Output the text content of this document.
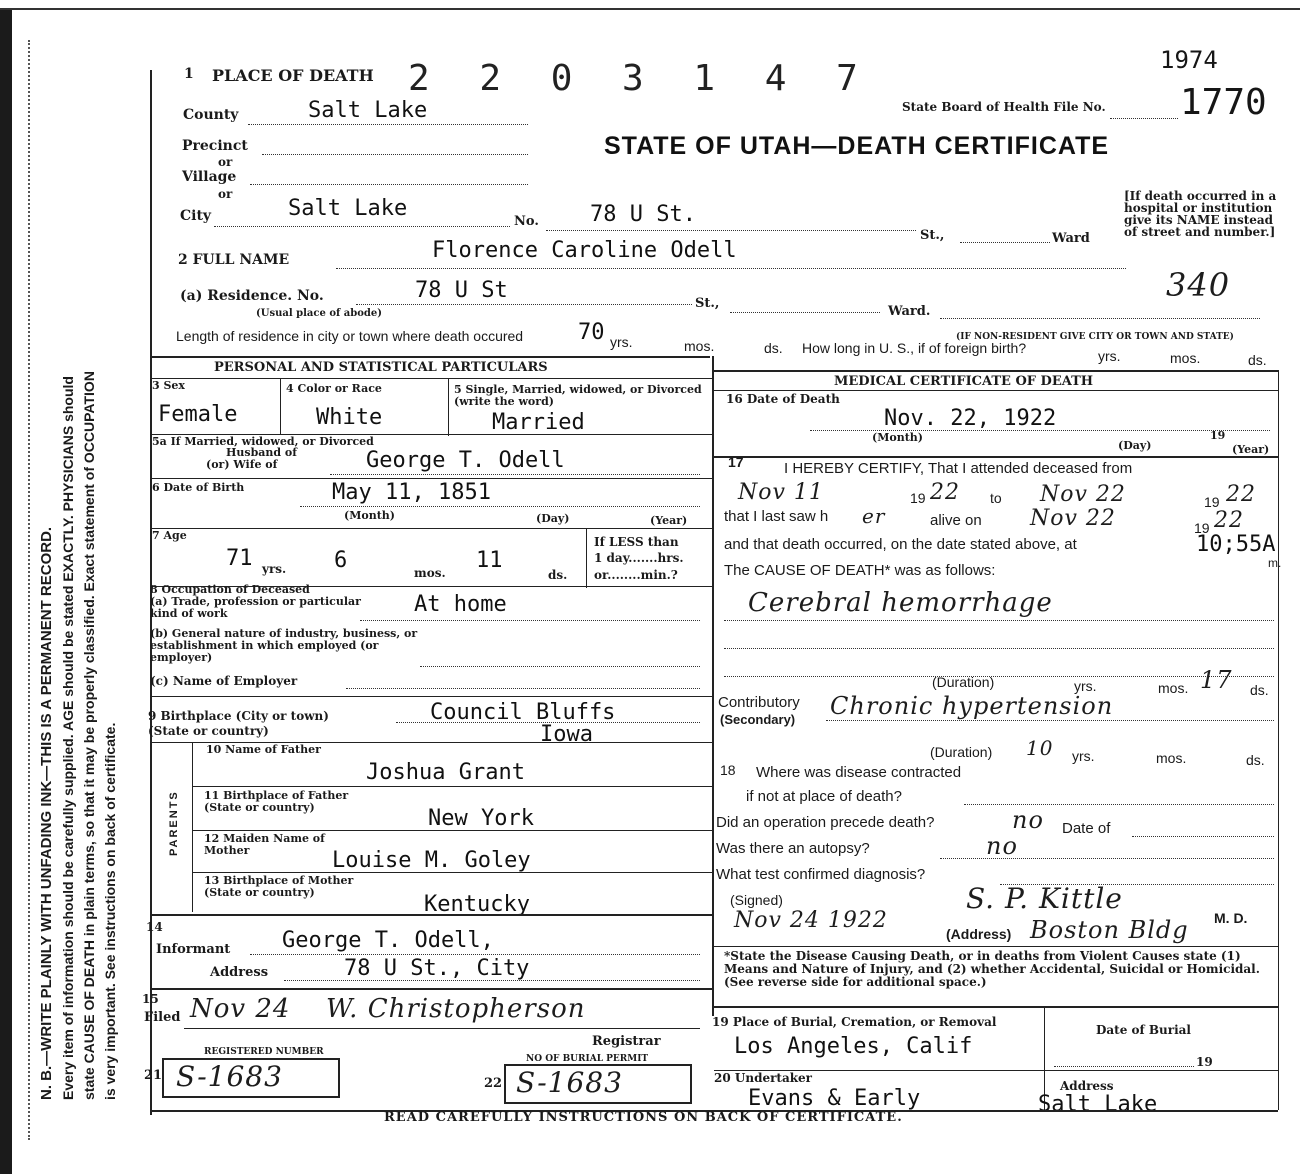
N. B.—WRITE PLAINLY WITH UNFADING INK—THIS IS A PERMANENT RECORD. Every item of information should be carefully supplied. AGE should be stated EXACTLY. PHYSICIANS should state CAUSE OF DEATH in plain terms, so that it may be properly classified. Exact statement of OCCUPATION is very important. See instructions on back of certificate.
1 PLACE OF DEATH 2 2 0 3 1 4 7	1974
State Board of Health File No. 1770
County	Salt Lake
Precinct
or
Village
or
STATE OF UTAH—DEATH CERTIFICATE
City	Salt Lake
No. 78 U St.
St.,	Ward
[If death occurred in a hospital or institution give its NAME instead of street and number.]
340
2 FULL NAME	Florence Caroline Odell
(a) Residence. No.	78 U St
St.,
Ward.
(Usual place of abode)
(IF NON-RESIDENT GIVE CITY OR TOWN AND STATE)
Length of residence in city or town where death occured 70 yrs.	mos.	ds. How long in U. S., if of foreign birth?	yrs.	mos.	ds.
PERSONAL AND STATISTICAL PARTICULARS
3 Sex
Female
4 Color or Race
White
5 Single, Married, widowed, or Divorced (write the word)
Married
5a If Married, widowed, or Divorced
Husband of
(or) Wife of	George T. Odell
6 Date of Birth	May 11, 1851
(Month)	(Day)	(Year)
7 Age
71 yrs. 6	mos. 11
ds.
If LESS than
1 day.......hrs.
or........min.?
8 Occupation of Deceased
(a) Trade, profession or particular kind of work	At home
(b) General nature of industry, business, or establishment in which employed (or employer)
(c) Name of Employer
9 Birthplace (City or town)
(State or country)
Council Bluffs
Iowa
PARENTS
10 Name of Father
Joshua Grant
11 Birthplace of Father (State or country)	New York
12 Maiden Name of Mother	Louise M. Goley
13 Birthplace of Mother (State or country)	Kentucky
14
Informant George T. Odell,
Address	78 U St., City
15
Filed Nov 24 W. Christopherson
Registrar
REGISTERED NUMBER
21 S-1683
NO OF BURIAL PERMIT
22 S-1683
MEDICAL CERTIFICATE OF DEATH
16 Date of Death
Nov. 22, 1922
(Month)
(Day)
19
(Year)
17	I HEREBY CERTIFY, That I attended deceased from
Nov 11	19 22 to Nov 22	19 22
that I last saw h er	alive on Nov 22	19 22
and that death occurred, on the date stated above, at	10;55A
m.
The CAUSE OF DEATH* was as follows:
Cerebral hemorrhage
(Duration)	yrs.	mos. 17 ds.
Contributory
(Secondary) Chronic hypertension
(Duration) 10 yrs.	mos.	ds.
18 Where was disease contracted
if not at place of death?
Did an operation precede death?	no Date of
Was there an autopsy?	no
What test confirmed diagnosis?
(Signed)	S. P. Kittle
M. D.
Nov 24 1922
(Address) Boston Bldg
*State the Disease Causing Death, or in deaths from Violent Causes state (1) Means and Nature of Injury, and (2) whether Accidental, Suicidal or Homicidal. (See reverse side for additional space.)
19 Place of Burial, Cremation, or Removal
Los Angeles, Calif
Date of Burial
19
20 Undertaker
Evans & Early	Address
Salt Lake
READ CAREFULLY INSTRUCTIONS ON BACK OF CERTIFICATE.
